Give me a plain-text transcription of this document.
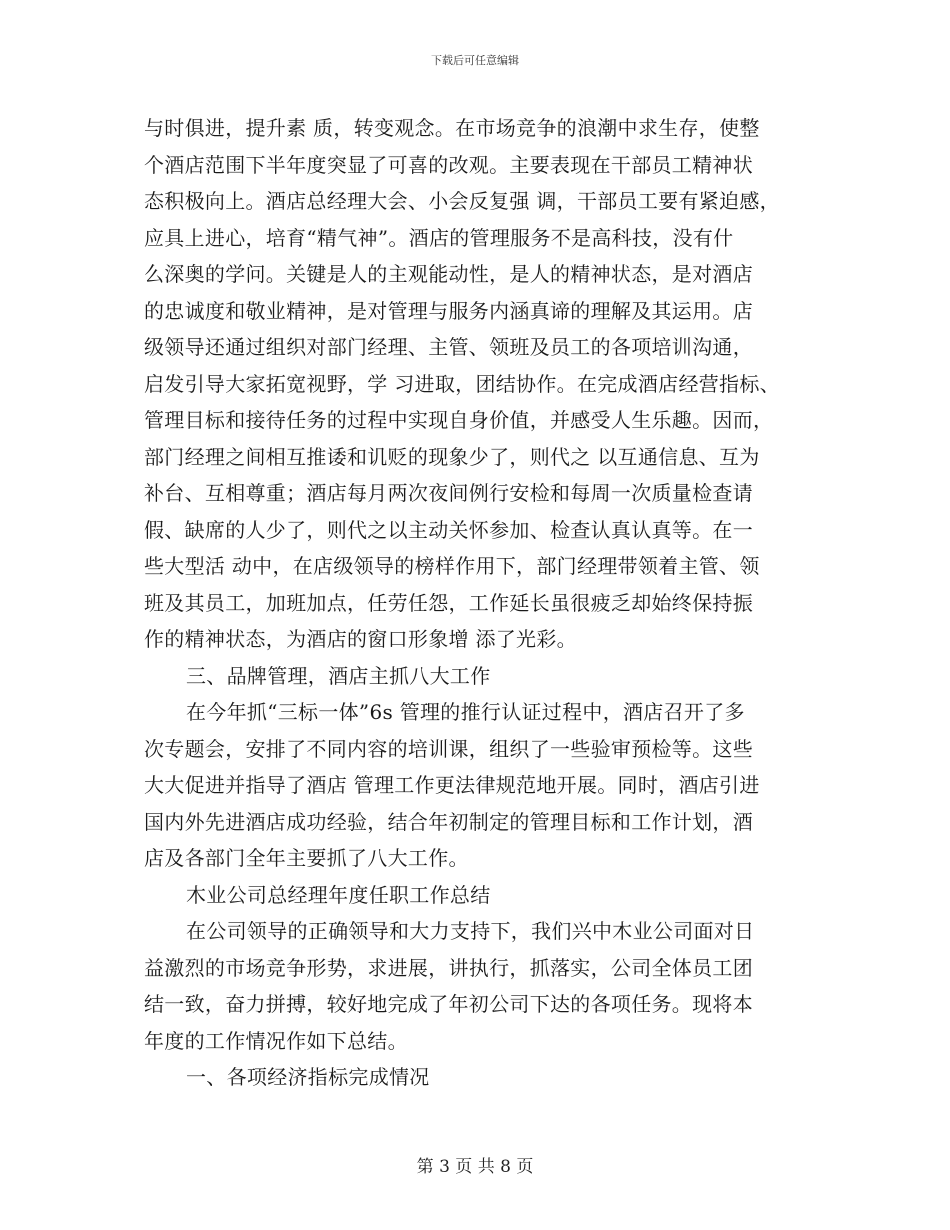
下载后可任意编辑
与时俱进，提升素 质，转变观念。在市场竞争的浪潮中求生存，使整
个酒店范围下半年度突显了可喜的改观。主要表现在干部员工精神状
态积极向上。酒店总经理大会、小会反复强 调，干部员工要有紧迫感，
应具上进心，培育“精气神”。酒店的管理服务不是高科技，没有什
么深奥的学问。关键是人的主观能动性，是人的精神状态，是对酒店
的忠诚度和敬业精神，是对管理与服务内涵真谛的理解及其运用。店
级领导还通过组织对部门经理、主管、领班及员工的各项培训沟通，
启发引导大家拓宽视野，学 习进取，团结协作。在完成酒店经营指标、
管理目标和接待任务的过程中实现自身价值，并感受人生乐趣。因而，
部门经理之间相互推诿和讥贬的现象少了，则代之 以互通信息、互为
补台、互相尊重；酒店每月两次夜间例行安检和每周一次质量检查请
假、缺席的人少了，则代之以主动关怀参加、检查认真认真等。在一
些大型活 动中，在店级领导的榜样作用下，部门经理带领着主管、领
班及其员工，加班加点，任劳任怨，工作延长虽很疲乏却始终保持振
作的精神状态，为酒店的窗口形象增 添了光彩。
三、品牌管理，酒店主抓八大工作
在今年抓“三标一体”6s 管理的推行认证过程中，酒店召开了多
次专题会，安排了不同内容的培训课，组织了一些验审预检等。这些
大大促进并指导了酒店 管理工作更法律规范地开展。同时，酒店引进
国内外先进酒店成功经验，结合年初制定的管理目标和工作计划，酒
店及各部门全年主要抓了八大工作。
木业公司总经理年度任职工作总结
在公司领导的正确领导和大力支持下，我们兴中木业公司面对日
益激烈的市场竞争形势，求进展，讲执行，抓落实，公司全体员工团
结一致，奋力拼搏，较好地完成了年初公司下达的各项任务。现将本
年度的工作情况作如下总结。
一、各项经济指标完成情况
第 3 页 共 8 页
